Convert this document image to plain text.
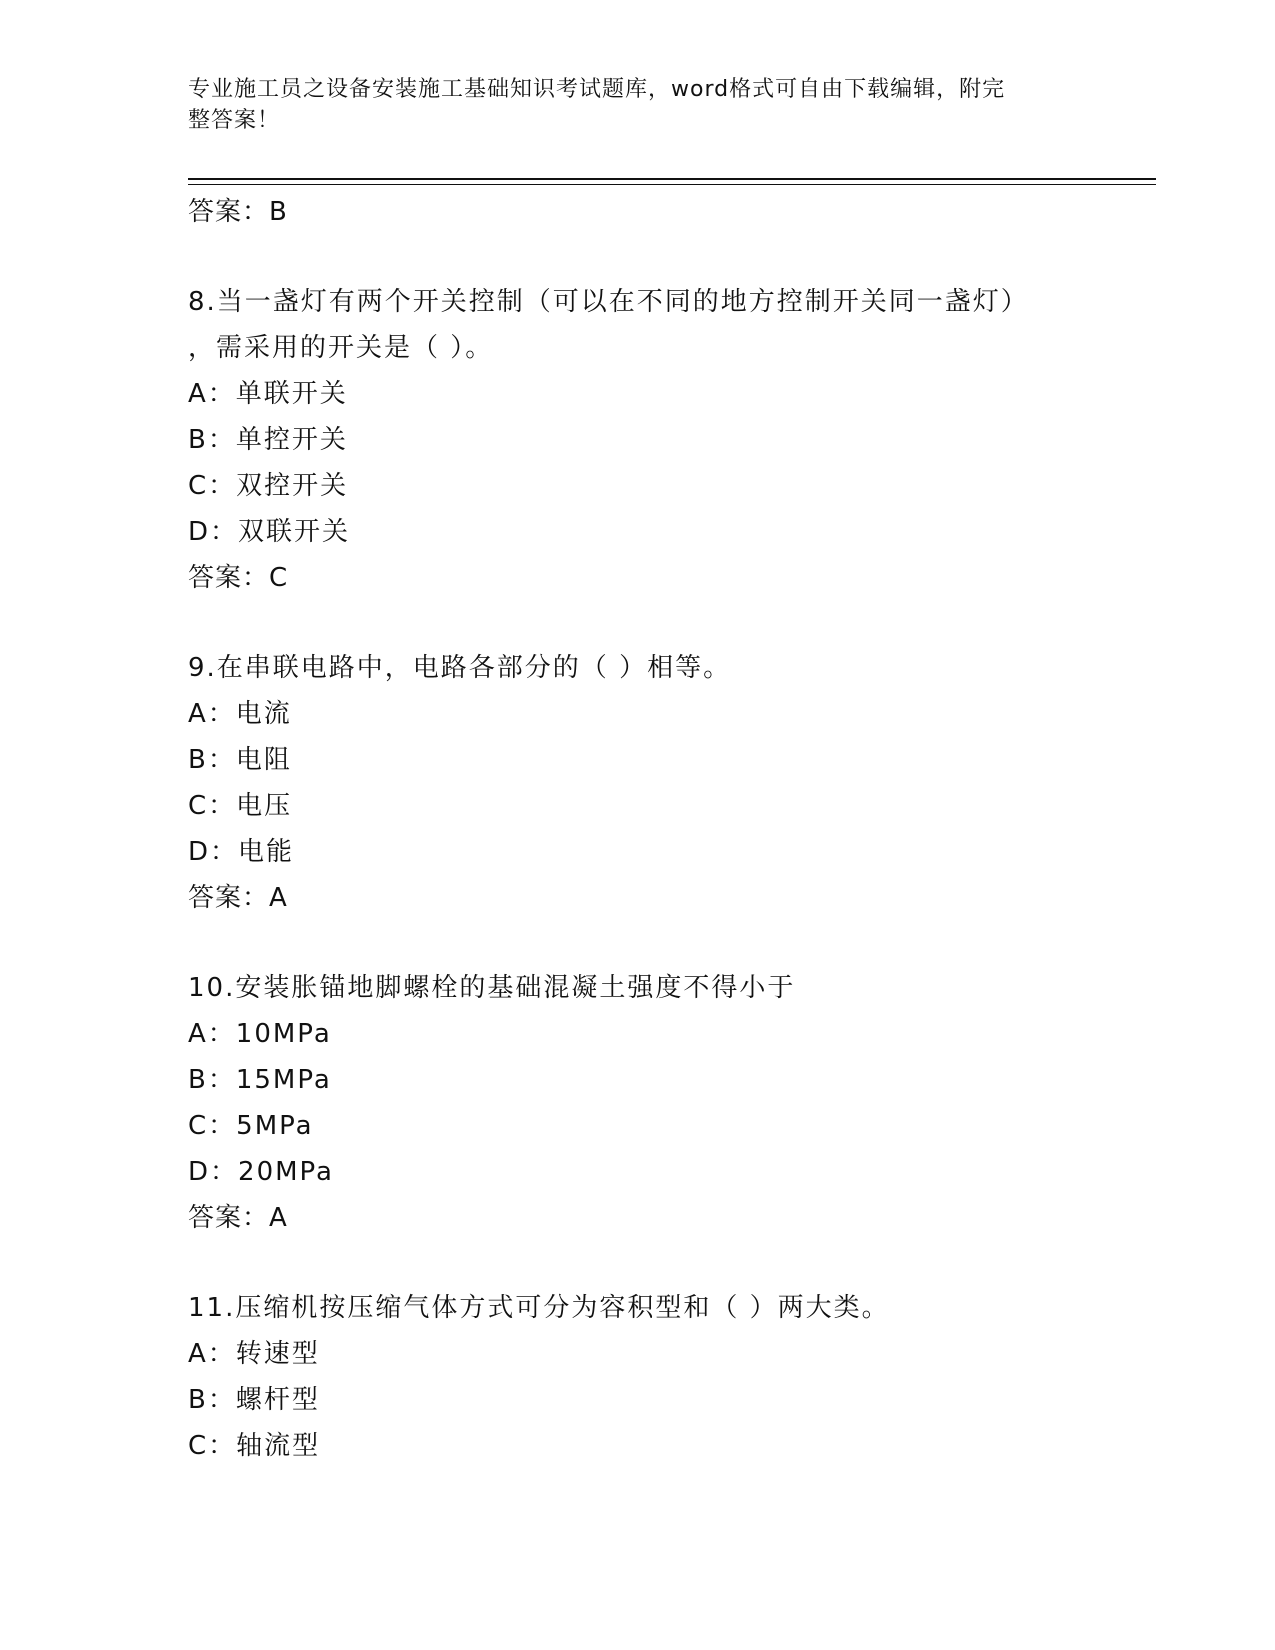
专业施工员之设备安装施工基础知识考试题库，word格式可自由下载编辑，附完
整答案！
答案：B
8.当一盏灯有两个开关控制（可以在不同的地方控制开关同一盏灯）
，需采用的开关是（ ）。
A：单联开关
B：单控开关
C：双控开关
D：双联开关
答案：C
9.在串联电路中，电路各部分的（ ）相等。
A：电流
B：电阻
C：电压
D：电能
答案：A
10.安装胀锚地脚螺栓的基础混凝土强度不得小于
A：10MPa
B：15MPa
C：5MPa
D：20MPa
答案：A
11.压缩机按压缩气体方式可分为容积型和（ ）两大类。
A：转速型
B：螺杆型
C：轴流型
